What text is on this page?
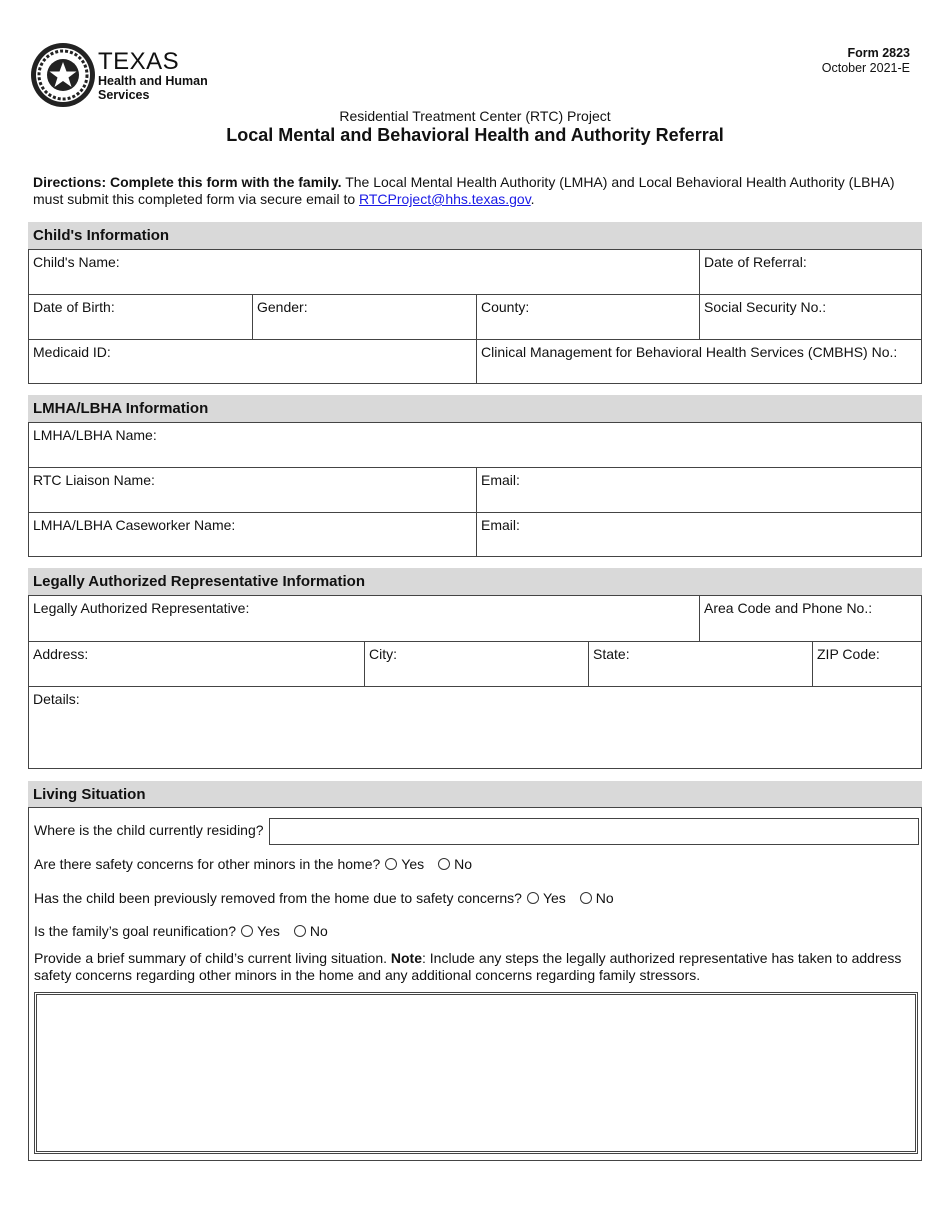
TEXAS
Health and Human Services
Form 2823
October 2021-E
Residential Treatment Center (RTC) Project
Local Mental and Behavioral Health and Authority Referral
Directions: Complete this form with the family. The Local Mental Health Authority (LMHA) and Local Behavioral Health Authority (LBHA) must submit this completed form via secure email to RTCProject@hhs.texas.gov.
Child's Information
Child's Name:	Date of Referral:
Date of Birth:	Gender:	County:	Social Security No.:
Medicaid ID:	Clinical Management for Behavioral Health Services (CMBHS) No.:
LMHA/LBHA Information
LMHA/LBHA Name:
RTC Liaison Name:	Email:
LMHA/LBHA Caseworker Name:	Email:
Legally Authorized Representative Information
Legally Authorized Representative:	Area Code and Phone No.:
Address:	City:	State:	ZIP Code:
Details:
Living Situation
Where is the child currently residing?
Are there safety concerns for other minors in the home? Yes No
Has the child been previously removed from the home due to safety concerns? Yes No
Is the family’s goal reunification? Yes No
Provide a brief summary of child’s current living situation. Note: Include any steps the legally authorized representative has taken to address safety concerns regarding other minors in the home and any additional concerns regarding family stressors.
